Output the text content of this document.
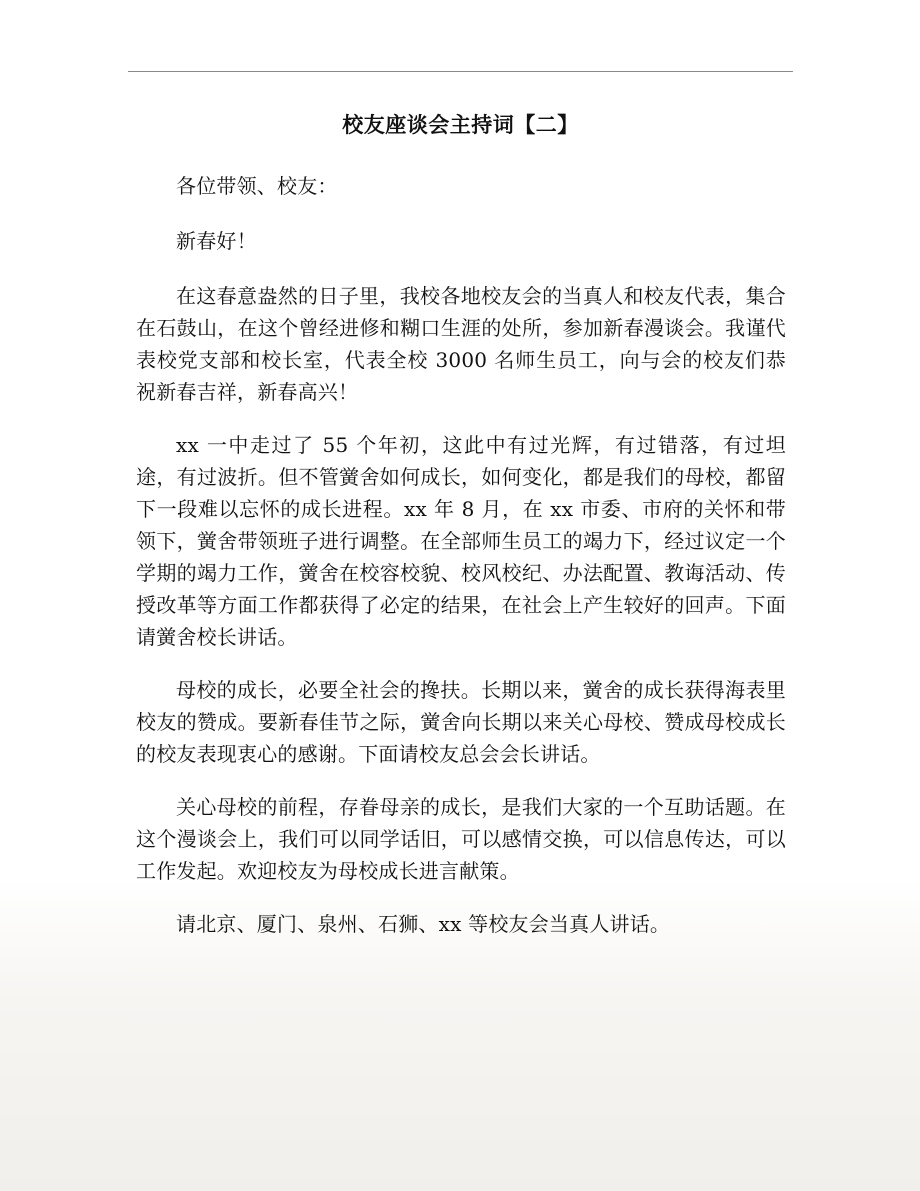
校友座谈会主持词【二】

各位带领、校友：

新春好！

在这春意盎然的日子里，我校各地校友会的当真人和校友代表，集合在石鼓山，在这个曾经进修和糊口生涯的处所，参加新春漫谈会。我谨代表校党支部和校长室，代表全校 3000 名师生员工，向与会的校友们恭祝新春吉祥，新春高兴！

xx 一中走过了 55 个年初，这此中有过光辉，有过错落，有过坦途，有过波折。但不管黉舍如何成长，如何变化，都是我们的母校，都留下一段难以忘怀的成长进程。xx 年 8 月，在 xx 市委、市府的关怀和带领下，黉舍带领班子进行调整。在全部师生员工的竭力下，经过议定一个学期的竭力工作，黉舍在校容校貌、校风校纪、办法配置、教诲活动、传授改革等方面工作都获得了必定的结果，在社会上产生较好的回声。下面请黉舍校长讲话。

母校的成长，必要全社会的搀扶。长期以来，黉舍的成长获得海表里校友的赞成。要新春佳节之际，黉舍向长期以来关心母校、赞成母校成长的校友表现衷心的感谢。下面请校友总会会长讲话。

关心母校的前程，存眷母亲的成长，是我们大家的一个互助话题。在这个漫谈会上，我们可以同学话旧，可以感情交换，可以信息传达，可以工作发起。欢迎校友为母校成长进言献策。

请北京、厦门、泉州、石狮、xx 等校友会当真人讲话。
